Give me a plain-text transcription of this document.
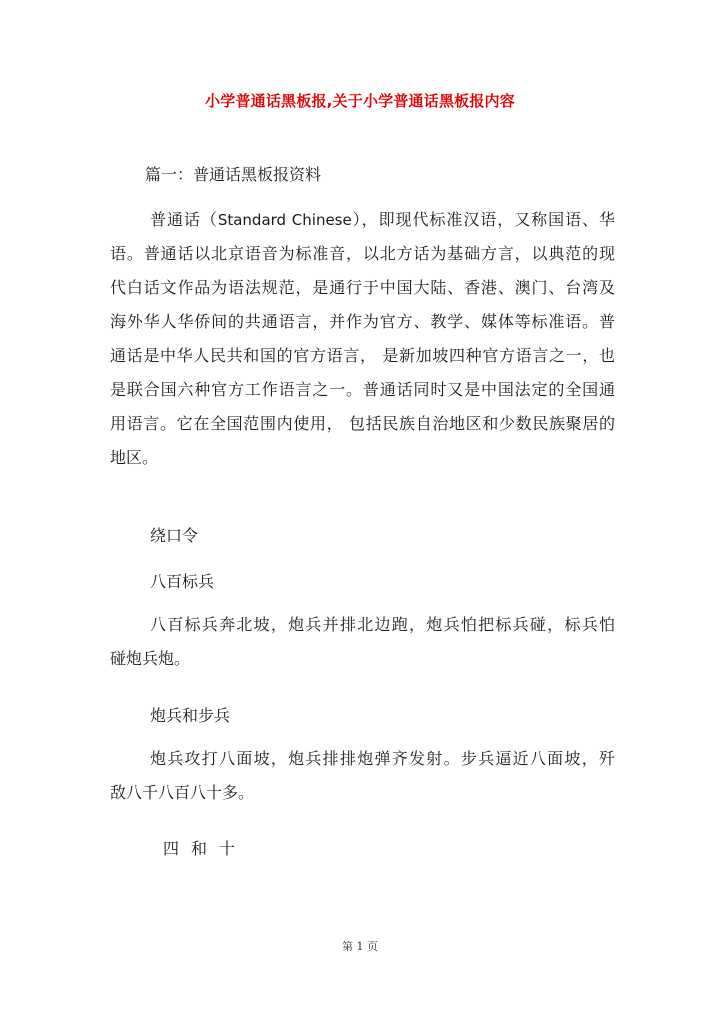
小学普通话黑板报,关于小学普通话黑板报内容
篇一：普通话黑板报资料
普通话（Standard Chinese），即现代标准汉语，又称国语、华
语。普通话以北京语音为标准音，以北方话为基础方言，以典范的现
代白话文作品为语法规范，是通行于中国大陆、香港、澳门、台湾及
海外华人华侨间的共通语言，并作为官方、教学、媒体等标准语。普
通话是中华人民共和国的官方语言， 是新加坡四种官方语言之一，也
是联合国六种官方工作语言之一。普通话同时又是中国法定的全国通
用语言。它在全国范围内使用， 包括民族自治地区和少数民族聚居的
地区。
绕口令
八百标兵
八百标兵奔北坡，炮兵并排北边跑，炮兵怕把标兵碰，标兵怕
碰炮兵炮。
炮兵和步兵
炮兵攻打八面坡，炮兵排排炮弹齐发射。步兵逼近八面坡，歼
敌八千八百八十多。
四和十
第 1 页
